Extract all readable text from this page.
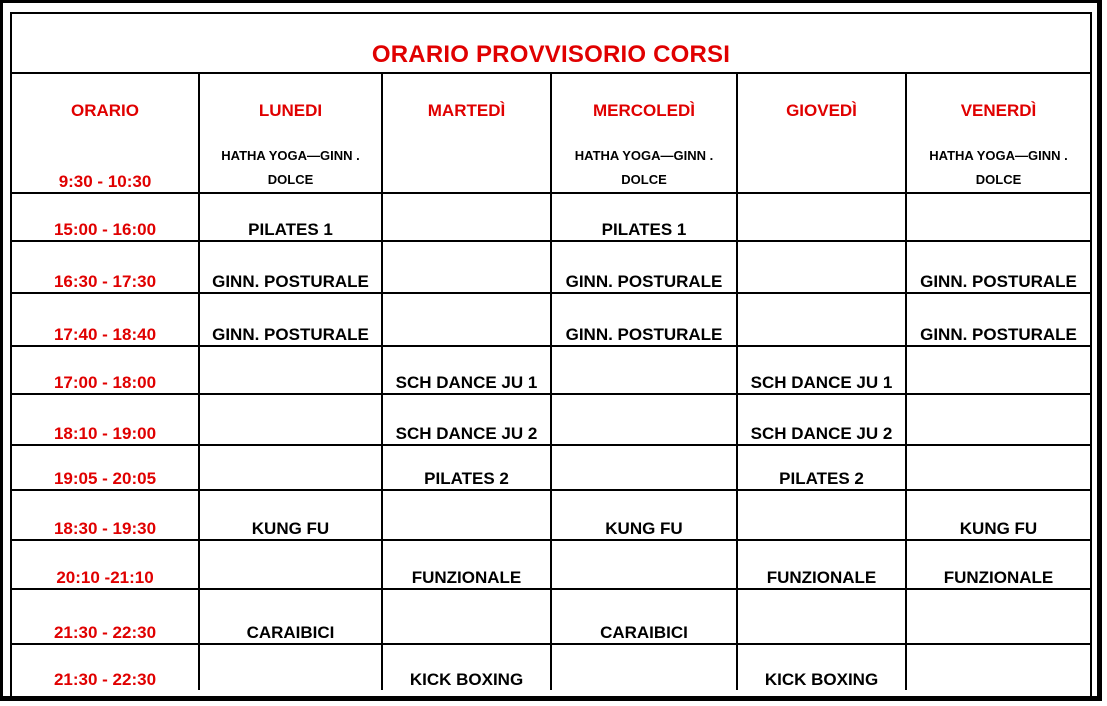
ORARIO PROVVISORIO CORSI
ORARIO	LUNEDI	MARTEDÌ	MERCOLEDÌ	GIOVEDÌ	VENERDÌ
9:30 - 10:30	HATHA YOGA—GINN . DOLCE		HATHA YOGA—GINN . DOLCE		HATHA YOGA—GINN . DOLCE
15:00 - 16:00	PILATES 1		PILATES 1		
16:30 - 17:30	GINN. POSTURALE		GINN. POSTURALE		GINN. POSTURALE
17:40 - 18:40	GINN. POSTURALE		GINN. POSTURALE		GINN. POSTURALE
17:00 - 18:00		SCH DANCE JU 1		SCH DANCE JU 1	
18:10 - 19:00		SCH DANCE JU 2		SCH DANCE JU 2	
19:05 - 20:05		PILATES 2		PILATES 2	
18:30 - 19:30	KUNG FU		KUNG FU		KUNG FU
20:10 -21:10		FUNZIONALE		FUNZIONALE	FUNZIONALE
21:30 - 22:30	CARAIBICI		CARAIBICI		
21:30 - 22:30		KICK BOXING		KICK BOXING	
